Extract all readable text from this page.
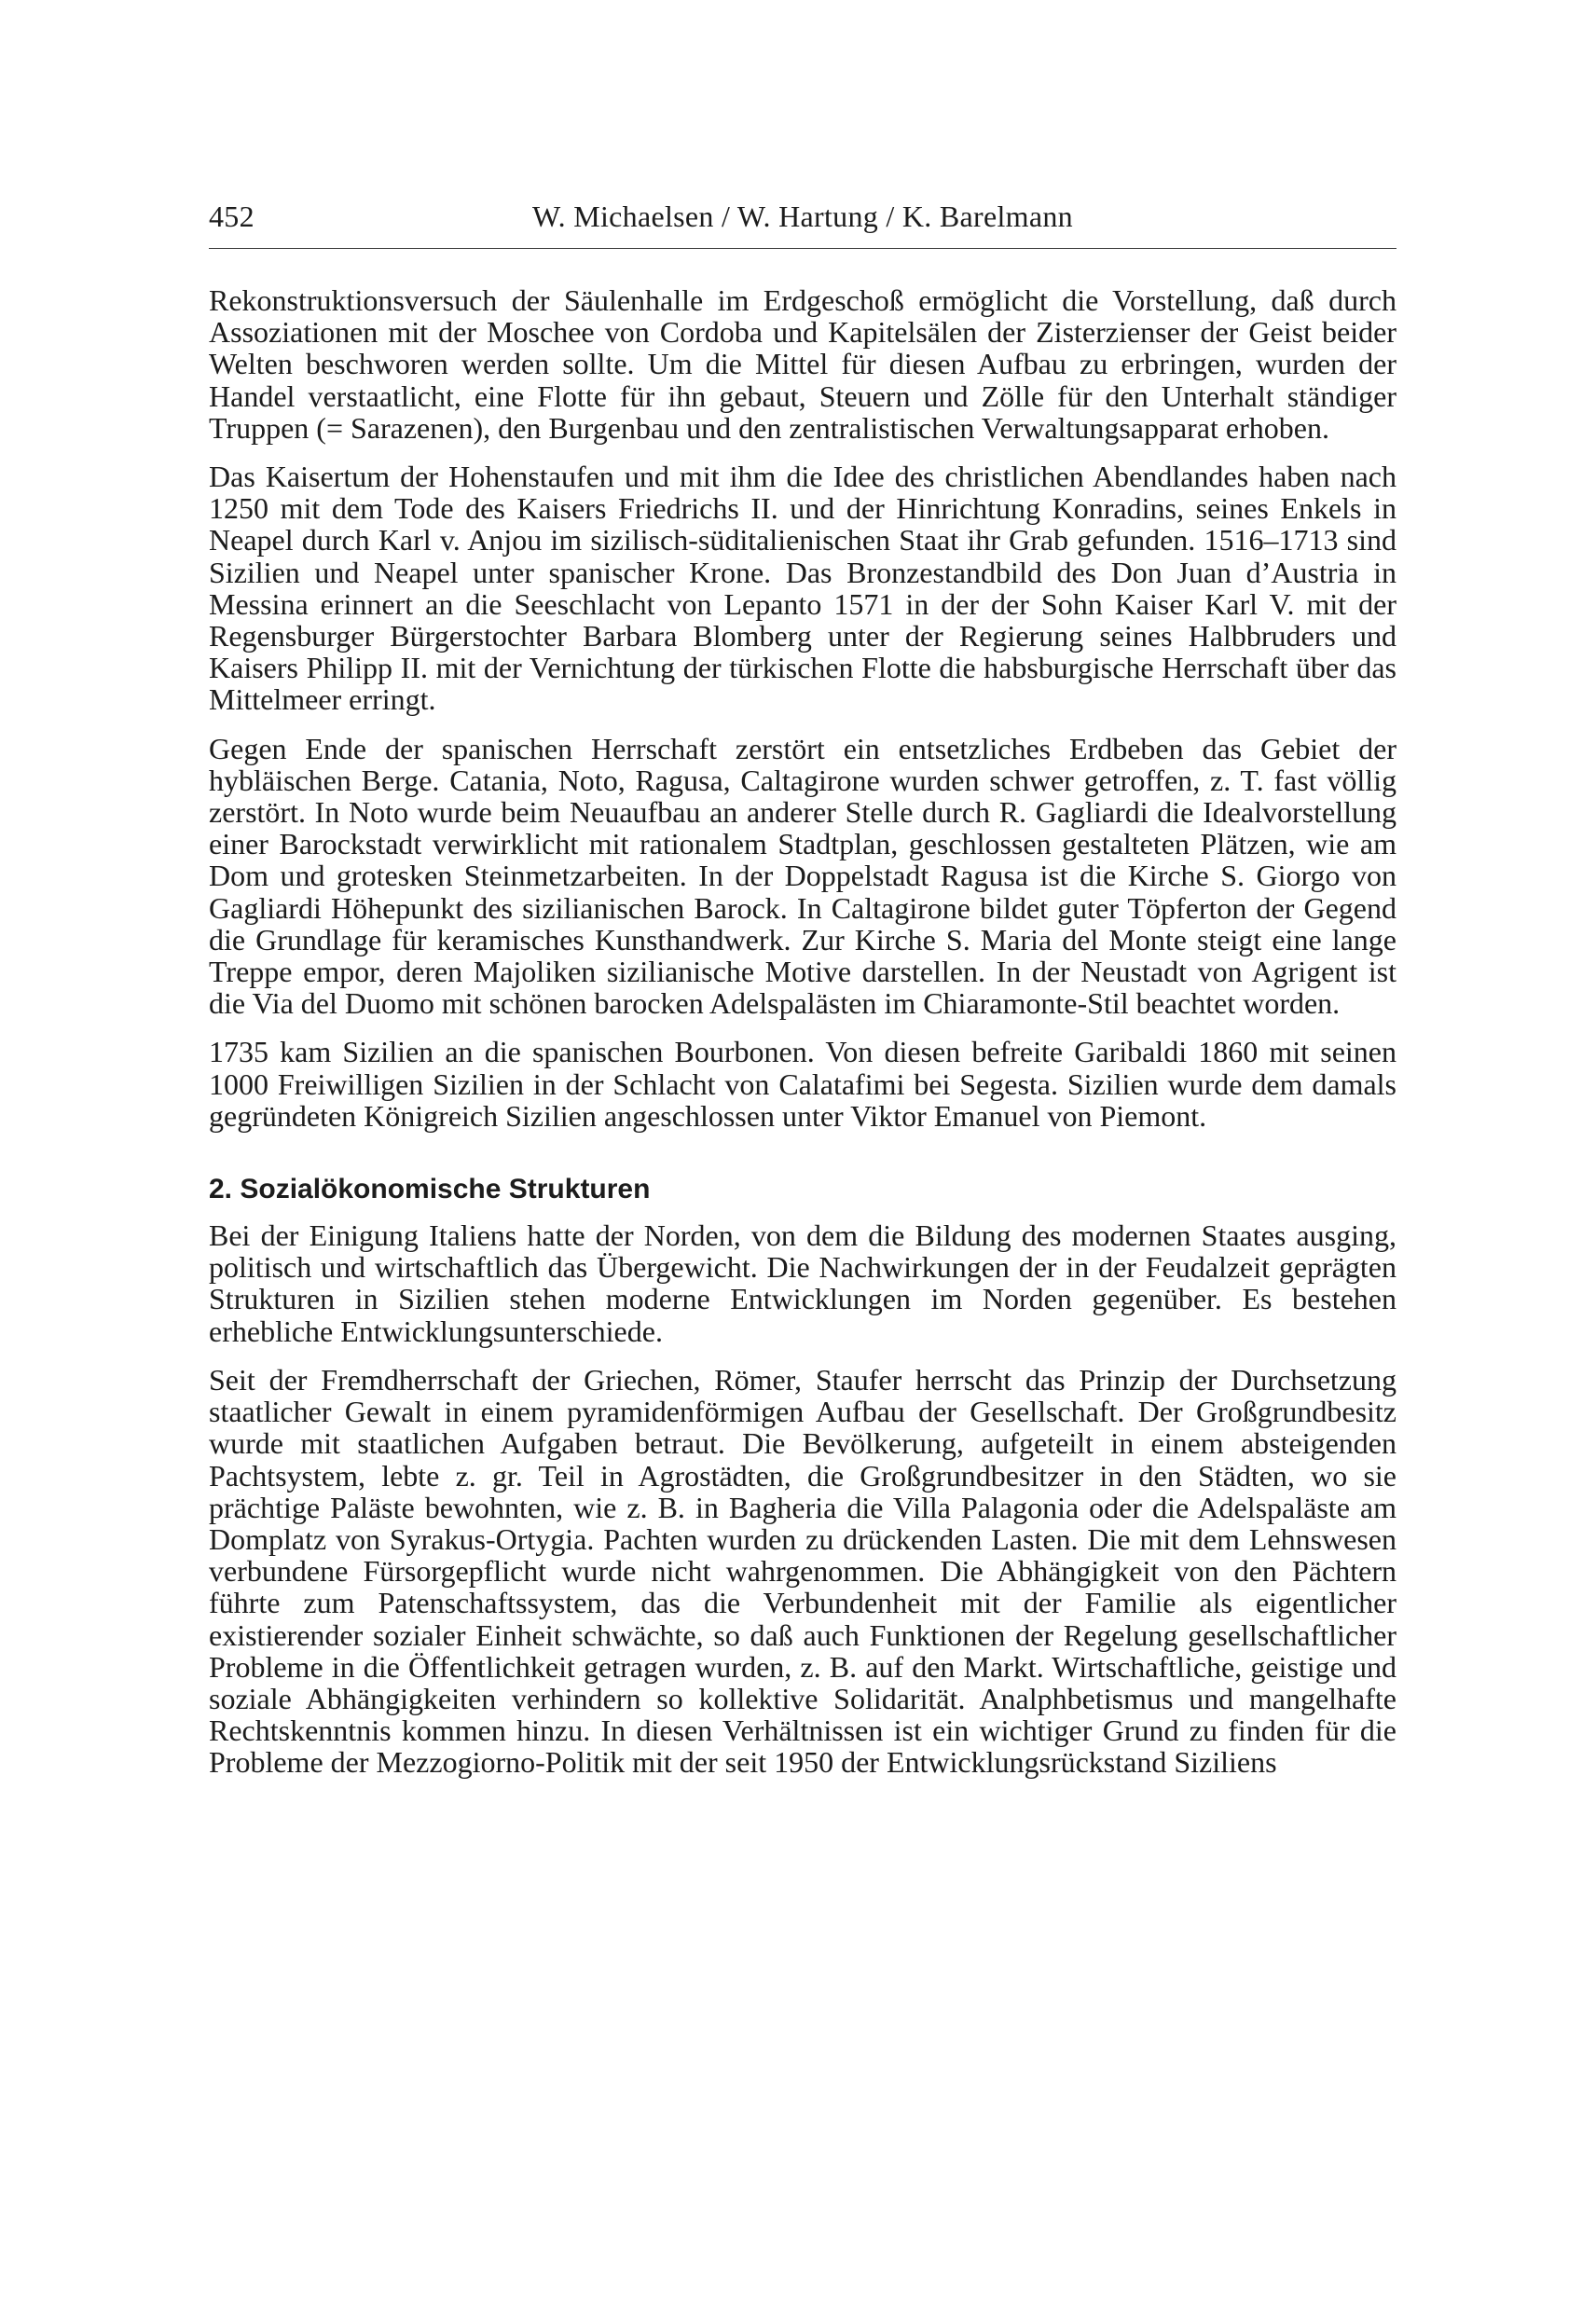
452	W. Michaelsen / W. Hartung / K. Barelmann

Rekonstruktionsversuch der Säulenhalle im Erdgeschoß ermöglicht die Vorstellung, daß durch Assoziationen mit der Moschee von Cordoba und Kapitelsälen der Zisterzienser der Geist beider Welten beschworen werden sollte. Um die Mittel für diesen Aufbau zu erbringen, wurden der Handel verstaatlicht, eine Flotte für ihn gebaut, Steuern und Zölle für den Unterhalt ständiger Truppen (= Sarazenen), den Burgenbau und den zentralistischen Verwaltungsapparat erhoben.

Das Kaisertum der Hohenstaufen und mit ihm die Idee des christlichen Abendlandes haben nach 1250 mit dem Tode des Kaisers Friedrichs II. und der Hinrichtung Konradins, seines Enkels in Neapel durch Karl v. Anjou im sizilisch-süditalienischen Staat ihr Grab gefunden. 1516–1713 sind Sizilien und Neapel unter spanischer Krone. Das Bronzestandbild des Don Juan d’Austria in Messina erinnert an die Seeschlacht von Lepanto 1571 in der der Sohn Kaiser Karl V. mit der Regensburger Bürgerstochter Barbara Blomberg unter der Regierung seines Halbbruders und Kaisers Philipp II. mit der Vernichtung der türkischen Flotte die habsburgische Herrschaft über das Mittelmeer erringt.

Gegen Ende der spanischen Herrschaft zerstört ein entsetzliches Erdbeben das Gebiet der hybläischen Berge. Catania, Noto, Ragusa, Caltagirone wurden schwer getroffen, z. T. fast völlig zerstört. In Noto wurde beim Neuaufbau an anderer Stelle durch R. Gagliardi die Idealvorstellung einer Barockstadt verwirklicht mit rationalem Stadtplan, geschlossen gestalteten Plätzen, wie am Dom und grotesken Steinmetzarbeiten. In der Doppelstadt Ragusa ist die Kirche S. Giorgo von Gagliardi Höhepunkt des sizilianischen Barock. In Caltagirone bildet guter Töpferton der Gegend die Grundlage für keramisches Kunsthandwerk. Zur Kirche S. Maria del Monte steigt eine lange Treppe empor, deren Majoliken sizilianische Motive darstellen. In der Neustadt von Agrigent ist die Via del Duomo mit schönen barocken Adelspalästen im Chiaramonte-Stil beachtet worden.

1735 kam Sizilien an die spanischen Bourbonen. Von diesen befreite Garibaldi 1860 mit seinen 1000 Freiwilligen Sizilien in der Schlacht von Calatafimi bei Segesta. Sizilien wurde dem damals gegründeten Königreich Sizilien angeschlossen unter Viktor Emanuel von Piemont.

2. Sozialökonomische Strukturen

Bei der Einigung Italiens hatte der Norden, von dem die Bildung des modernen Staates ausging, politisch und wirtschaftlich das Übergewicht. Die Nachwirkungen der in der Feudalzeit geprägten Strukturen in Sizilien stehen moderne Entwicklungen im Norden gegenüber. Es bestehen erhebliche Entwicklungsunterschiede.

Seit der Fremdherrschaft der Griechen, Römer, Staufer herrscht das Prinzip der Durchsetzung staatlicher Gewalt in einem pyramidenförmigen Aufbau der Gesellschaft. Der Großgrundbesitz wurde mit staatlichen Aufgaben betraut. Die Bevölkerung, aufgeteilt in einem absteigenden Pachtsystem, lebte z. gr. Teil in Agrostädten, die Großgrundbesitzer in den Städten, wo sie prächtige Paläste bewohnten, wie z. B. in Bagheria die Villa Palagonia oder die Adelspaläste am Domplatz von Syrakus-Ortygia. Pachten wurden zu drückenden Lasten. Die mit dem Lehnswesen verbundene Fürsorgepflicht wurde nicht wahrgenommen. Die Abhängigkeit von den Pächtern führte zum Patenschaftssystem, das die Verbundenheit mit der Familie als eigentlicher existierender sozialer Einheit schwächte, so daß auch Funktionen der Regelung gesellschaftlicher Probleme in die Öffentlichkeit getragen wurden, z. B. auf den Markt. Wirtschaftliche, geistige und soziale Abhängigkeiten verhindern so kollektive Solidarität. Analphbetismus und mangelhafte Rechtskenntnis kommen hinzu. In diesen Verhältnissen ist ein wichtiger Grund zu finden für die Probleme der Mezzogiorno-Politik mit der seit 1950 der Entwicklungsrückstand Siziliens
